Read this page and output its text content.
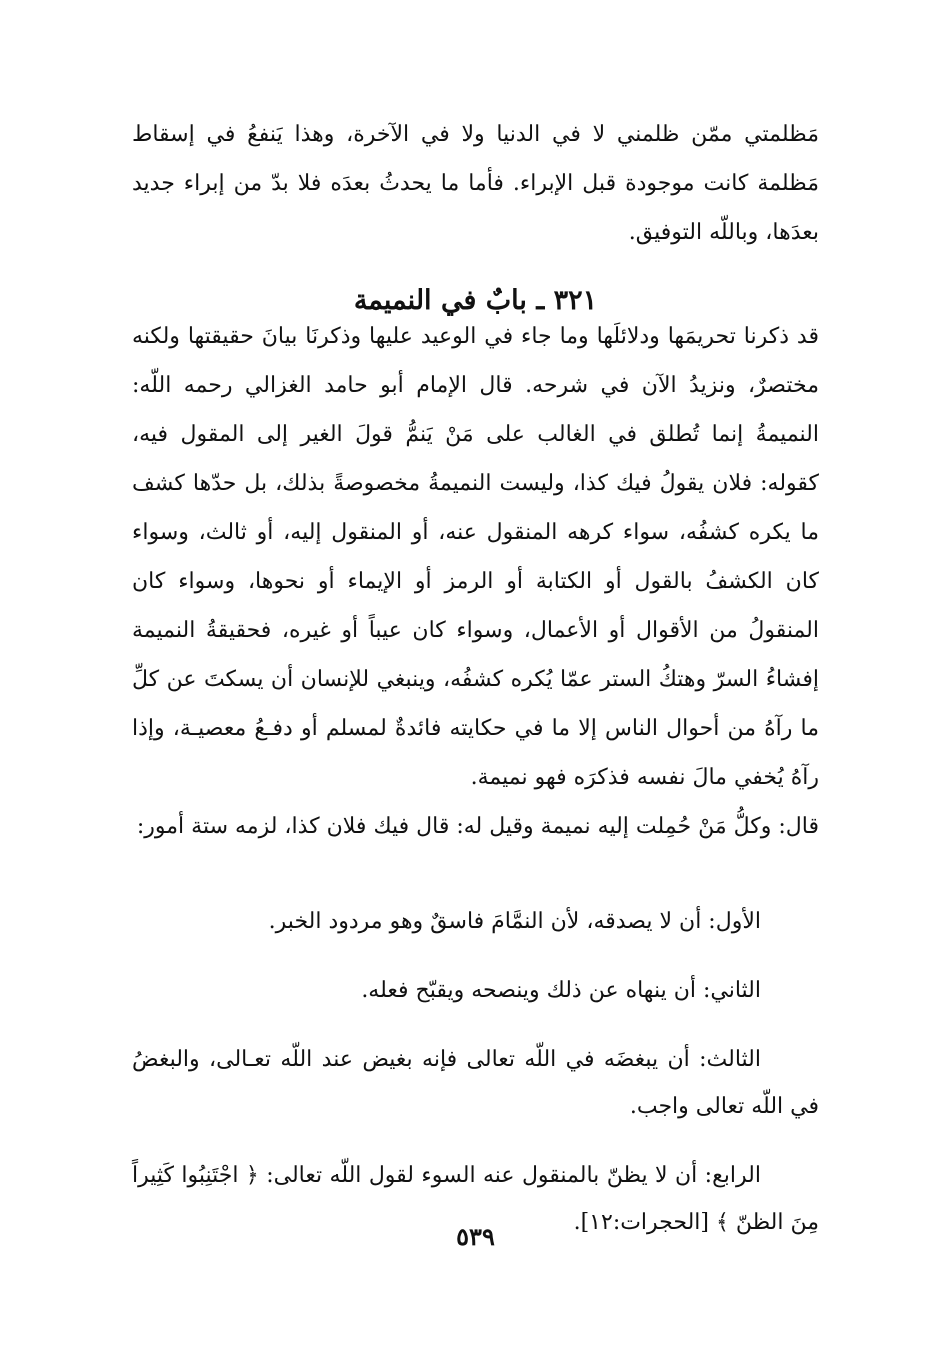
مَظلمتي ممّن ظلمني لا في الدنيا ولا في الآخرة، وهذا يَنفعُ في إسقاط مَظلمة كانت موجودة قبل الإبراء. فأما ما يحدثُ بعدَه فلا بدّ من إبراء جديد بعدَها، وباللّه التوفيق.

٣٢١ ـ بابٌ في النميمة

قد ذكرنا تحريمَها ودلائلَها وما جاء في الوعيد عليها وذكرنَا بيانَ حقيقتها ولكنه مختصرٌ، ونزيدُ الآن في شرحه. قال الإمام أبو حامد الغزالي رحمه اللّه: النميمةُ إنما تُطلق في الغالب على مَنْ يَنمُّ قولَ الغير إلى المقول فيه، كقوله: فلان يقولُ فيك كذا، وليست النميمةُ مخصوصةً بذلك، بل حدّها كشف ما يكره كشفُه، سواء كرهه المنقول عنه، أو المنقول إليه، أو ثالث، وسواء كان الكشفُ بالقول أو الكتابة أو الرمز أو الإيماء أو نحوها، وسواء كان المنقولُ من الأقوال أو الأعمال، وسواء كان عيباً أو غيره، فحقيقةُ النميمة إفشاءُ السرّ وهتكُ الستر عمّا يُكره كشفُه، وينبغي للإنسان أن يسكتَ عن كلِّ ما رآهُ من أحوال الناس إلا ما في حكايته فائدةٌ لمسلم أو دفـعُ معصيـة، وإذا رآهُ يُخفي مالَ نفسه فذكرَه فهو نميمة.

قال: وكلُّ مَنْ حُمِلت إليه نميمة وقيل له: قال فيك فلان كذا، لزمه ستة أمور:

الأول: أن لا يصدقه، لأن النمَّامَ فاسقٌ وهو مردود الخبر.

الثاني: أن ينهاه عن ذلك وينصحه ويقبّح فعله.

الثالث: أن يبغضَه في اللّه تعالى فإنه بغيض عند اللّه تعـالى، والبغضُ في اللّه تعالى واجب.

الرابع: أن لا يظنّ بالمنقول عنه السوء لقول اللّه تعالى: ﴿ اجْتَنِبُوا كَثِيراً مِنَ الظنّ ﴾ [الحجرات:١٢].

٥٣٩
